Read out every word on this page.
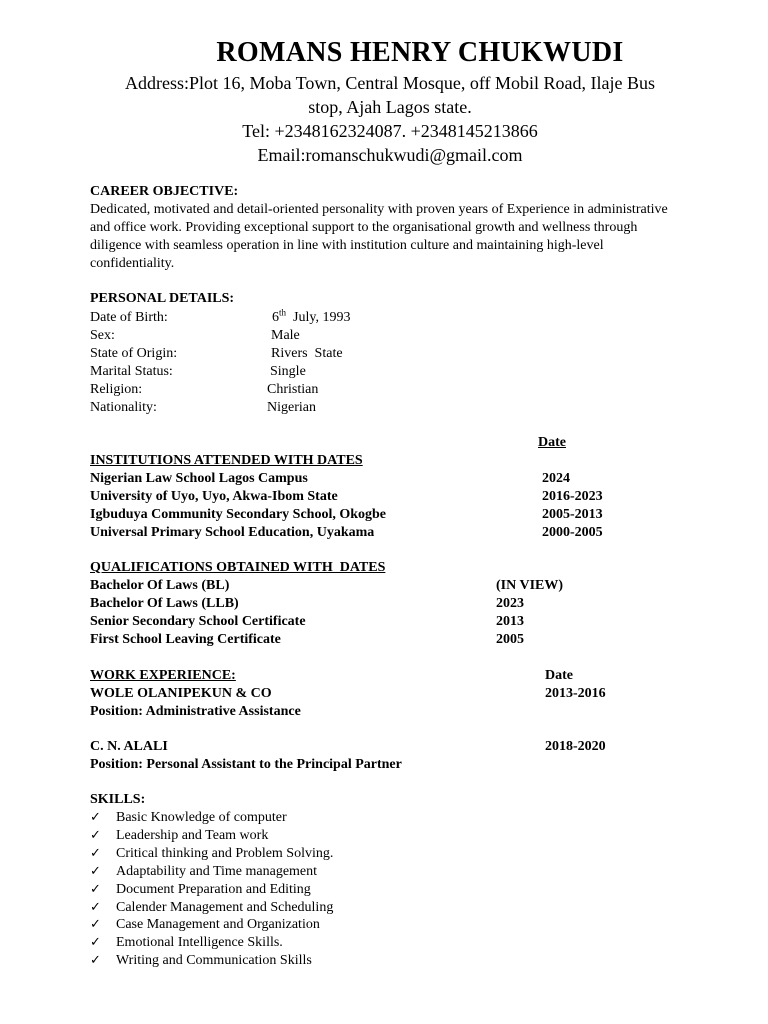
ROMANS HENRY CHUKWUDI
Address:Plot 16, Moba Town, Central Mosque, off Mobil Road, Ilaje Bus
stop, Ajah Lagos state.
Tel: +2348162324087. +2348145213866
Email:romanschukwudi@gmail.com
CAREER OBJECTIVE:
Dedicated, motivated and detail-oriented personality with proven years of Experience in administrative and office work. Providing exceptional support to the organisational growth and wellness through diligence with seamless operation in line with institution culture and maintaining high-level confidentiality.
PERSONAL DETAILS:
Date of Birth:	6th  July, 1993
Sex:	Male
State of Origin:	Rivers  State
Marital Status:	Single
Religion:	Christian
Nationality:	Nigerian
Date
INSTITUTIONS ATTENDED WITH DATES
Nigerian Law School Lagos Campus	2024
University of Uyo, Uyo, Akwa-Ibom State	2016-2023
Igbuduya Community Secondary School, Okogbe	2005-2013
Universal Primary School Education, Uyakama	2000-2005
QUALIFICATIONS OBTAINED WITH  DATES
Bachelor Of Laws (BL)	(IN VIEW)
Bachelor Of Laws (LLB)	2023
Senior Secondary School Certificate	2013
First School Leaving Certificate	2005
WORK EXPERIENCE:	Date
WOLE OLANIPEKUN & CO	2013-2016
Position: Administrative Assistance
C. N. ALALI	2018-2020
Position: Personal Assistant to the Principal Partner
SKILLS:
✓ Basic Knowledge of computer
✓ Leadership and Team work
✓ Critical thinking and Problem Solving.
✓ Adaptability and Time management
✓ Document Preparation and Editing
✓ Calender Management and Scheduling
✓ Case Management and Organization
✓ Emotional Intelligence Skills.
✓ Writing and Communication Skills
